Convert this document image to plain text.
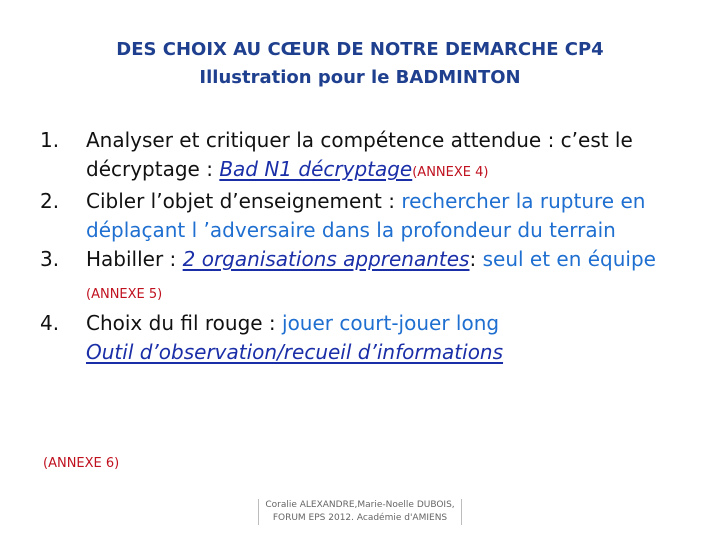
DES CHOIX AU CŒUR DE NOTRE DEMARCHE CP4
Illustration pour le BADMINTON
1. Analyser et critiquer la compétence attendue : c’est le décryptage : Bad N1 décryptage(ANNEXE 4)
2. Cibler l’objet d’enseignement : rechercher la rupture en déplaçant l ’adversaire dans la profondeur du terrain
3. Habiller : 2 organisations apprenantes: seul et en équipe (ANNEXE 5)
4. Choix du fil rouge : jouer court-jouer long
Outil d’observation/recueil d’informations
(ANNEXE 6)
Coralie ALEXANDRE,Marie-Noelle DUBOIS,
FORUM EPS 2012. Académie d'AMIENS
